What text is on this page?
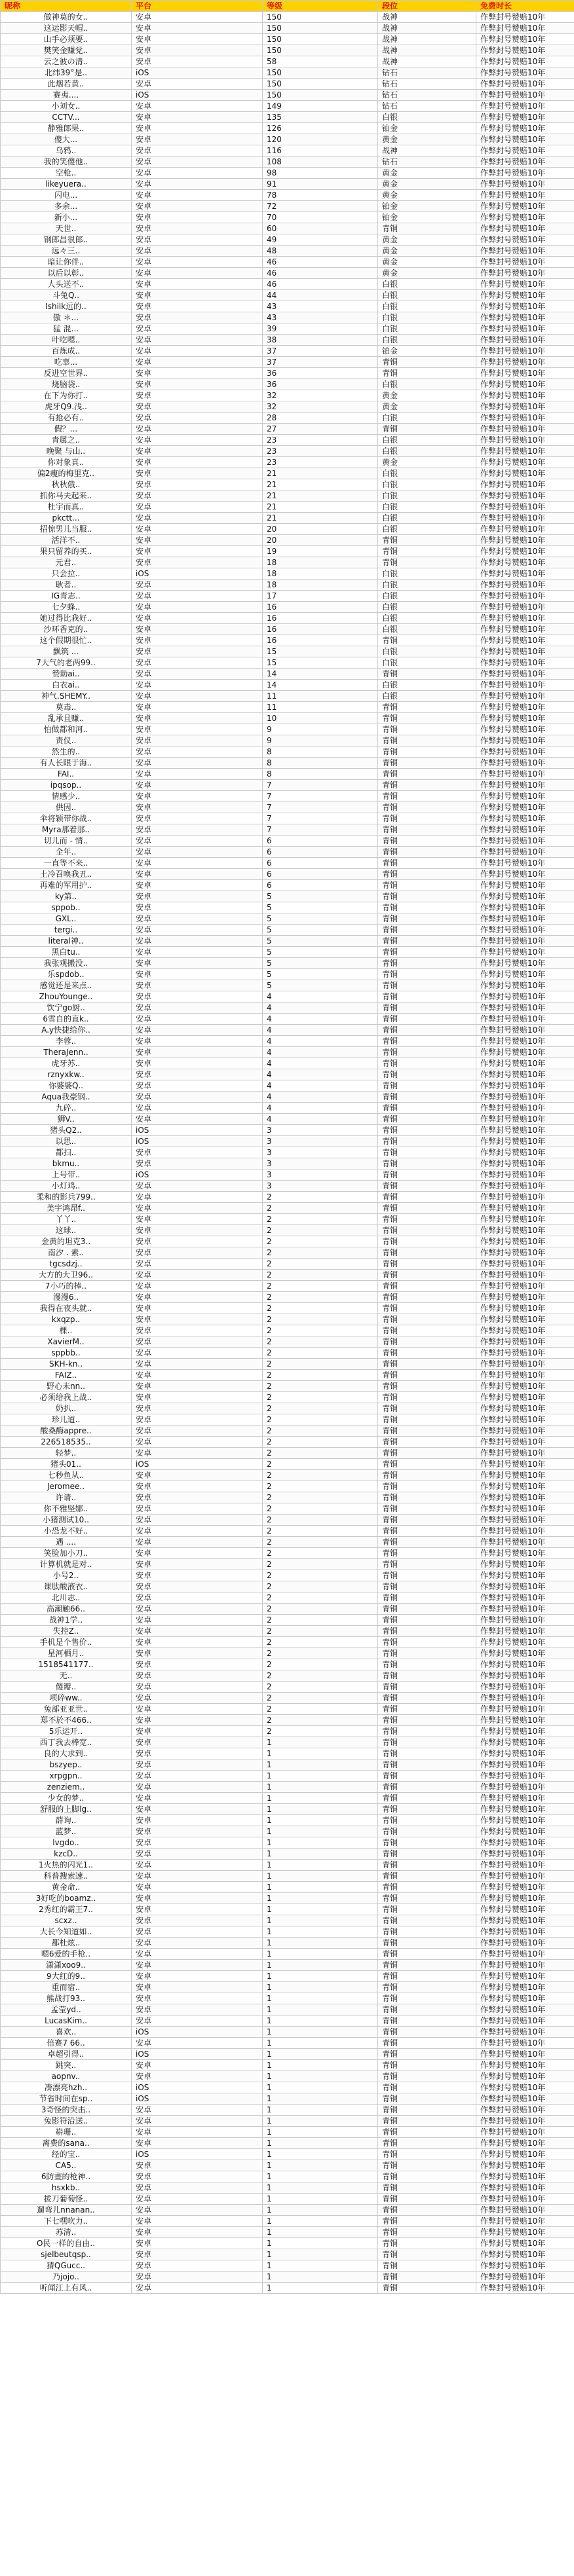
昵称	平台	等级	段位	免费时长
做神莫的女..	安卓	150	战神	作弊封号赞赔10年
这运影天帽..	安卓	150	战神	作弊封号赞赔10年
山手必须要..	安卓	150	战神	作弊封号赞赔10年
樊笑金赚党..	安卓	150	战神	作弊封号赞赔10年
云之彼の清..	安卓	58	战神	作弊封号赞赔10年
北纬39°是..	iOS	150	钻石	作弊封号赞赔10年
此烟若黄..	安卓	150	钻石	作弊封号赞赔10年
赛夷....	iOS	150	钻石	作弊封号赞赔10年
小刘女..	安卓	149	钻石	作弊封号赞赔10年
CCTV...	安卓	135	白银	作弊封号赞赔10年
静雅郎果..	安卓	126	铂金	作弊封号赞赔10年
傻大...	安卓	120	黄金	作弊封号赞赔10年
乌鸦..	安卓	116	战神	作弊封号赞赔10年
我的笑傻他..	安卓	108	钻石	作弊封号赞赔10年
空枪..	安卓	98	黄金	作弊封号赞赔10年
likeyuera..	安卓	91	黄金	作弊封号赞赔10年
闪电...	安卓	78	黄金	作弊封号赞赔10年
多余...	安卓	72	铂金	作弊封号赞赔10年
新小...	安卓	70	铂金	作弊封号赞赔10年
天世..	安卓	60	青铜	作弊封号赞赔10年
钢郎昌很郎..	安卓	49	黄金	作弊封号赞赔10年
远々三..	安卓	48	黄金	作弊封号赞赔10年
暗让你伴..	安卓	46	黄金	作弊封号赞赔10年
以后以彰..	安卓	46	黄金	作弊封号赞赔10年
人头送不..	安卓	46	白银	作弊封号赞赔10年
斗兔Q..	安卓	44	白银	作弊封号赞赔10年
Ishilk远的..	安卓	43	白银	作弊封号赞赔10年
傲 ＊...	安卓	43	白银	作弊封号赞赔10年
猛 混...	安卓	39	白银	作弊封号赞赔10年
叶吃嗯..	安卓	38	白银	作弊封号赞赔10年
百炼成..	安卓	37	铂金	作弊封号赞赔10年
吃辜...	安卓	37	青铜	作弊封号赞赔10年
反进空世界..	安卓	36	青铜	作弊封号赞赔10年
烧脑袋..	安卓	36	白银	作弊封号赞赔10年
在下为你打..	安卓	32	黄金	作弊封号赞赔10年
虎牙Q9.浅..	安卓	32	黄金	作弊封号赞赔10年
有抢必有..	安卓	28	白银	作弊封号赞赔10年
假？...	安卓	27	青铜	作弊封号赞赔10年
青属之..	安卓	23	白银	作弊封号赞赔10年
晚聚 与山..	安卓	23	白银	作弊封号赞赔10年
你对象真..	安卓	23	黄金	作弊封号赞赔10年
偏2瘦的梅里克..	安卓	21	白银	作弊封号赞赔10年
秋秋俄..	安卓	21	白银	作弊封号赞赔10年
抓你马夫起来..	安卓	21	白银	作弊封号赞赔10年
杜宇而真..	安卓	21	白银	作弊封号赞赔10年
pkctt...	安卓	21	白银	作弊封号赞赔10年
招惊男儿当服..	安卓	20	白银	作弊封号赞赔10年
活洋不..	安卓	20	青铜	作弊封号赞赔10年
果只留养的买..	安卓	19	青铜	作弊封号赞赔10年
元君..	安卓	18	青铜	作弊封号赞赔10年
只会拉..	iOS	18	白银	作弊封号赞赔10年
耿者..	安卓	18	白银	作弊封号赞赔10年
IG青志..	安卓	17	白银	作弊封号赞赔10年
七夕蜂..	安卓	16	白银	作弊封号赞赔10年
她过得比我好..	安卓	16	白银	作弊封号赞赔10年
沙环香克的..	安卓	16	白银	作弊封号赞赔10年
这个假期很忙..	安卓	16	青铜	作弊封号赞赔10年
飘筑 ...	安卓	15	白银	作弊封号赞赔10年
7大气的老两99..	安卓	15	白银	作弊封号赞赔10年
赞助ai..	安卓	14	青铜	作弊封号赞赔10年
白衣ai..	安卓	14	白银	作弊封号赞赔10年
神气.SHEMY..	安卓	11	白银	作弊封号赞赔10年
莫毒..	安卓	11	青铜	作弊封号赞赔10年
乱承且赚..	安卓	10	青铜	作弊封号赞赔10年
怕做都和河..	安卓	9	青铜	作弊封号赞赔10年
责仪..	安卓	9	青铜	作弊封号赞赔10年
然生的..	安卓	8	青铜	作弊封号赞赔10年
有人长眼于海..	安卓	8	青铜	作弊封号赞赔10年
FAI..	安卓	8	青铜	作弊封号赞赔10年
ipqsop..	安卓	7	青铜	作弊封号赞赔10年
情感少..	安卓	7	青铜	作弊封号赞赔10年
供因..	安卓	7	青铜	作弊封号赞赔10年
伞将颖带你战..	安卓	7	青铜	作弊封号赞赔10年
Myra那着那..	安卓	7	青铜	作弊封号赞赔10年
切儿而 - 情..	安卓	6	青铜	作弊封号赞赔10年
全年..	安卓	6	青铜	作弊封号赞赔10年
一直等不来..	安卓	6	青铜	作弊封号赞赔10年
土冷召唤我丑..	安卓	6	青铜	作弊封号赞赔10年
再难的军用护..	安卓	6	青铜	作弊封号赞赔10年
ky第..	安卓	5	青铜	作弊封号赞赔10年
sppob..	安卓	5	青铜	作弊封号赞赔10年
GXL..	安卓	5	青铜	作弊封号赞赔10年
tergi..	安卓	5	青铜	作弊封号赞赔10年
literal神..	安卓	5	青铜	作弊封号赞赔10年
黑白tu..	安卓	5	青铜	作弊封号赞赔10年
我张观搬没..	安卓	5	青铜	作弊封号赞赔10年
乐spdob..	安卓	5	青铜	作弊封号赞赔10年
感觉还是来点..	安卓	5	青铜	作弊封号赞赔10年
ZhouYounge..	安卓	4	青铜	作弊封号赞赔10年
饮宁go厨..	安卓	4	青铜	作弊封号赞赔10年
6雪自的直k..	安卓	4	青铜	作弊封号赞赔10年
A.y快捷给你..	安卓	4	青铜	作弊封号赞赔10年
李蓉..	安卓	4	青铜	作弊封号赞赔10年
TheraJenn..	安卓	4	青铜	作弊封号赞赔10年
虎牙苏..	安卓	4	青铜	作弊封号赞赔10年
rznyxkw..	安卓	4	青铜	作弊封号赞赔10年
你婆婆Q..	安卓	4	青铜	作弊封号赞赔10年
Aqua我豪钢..	安卓	4	青铜	作弊封号赞赔10年
九碎..	安卓	4	青铜	作弊封号赞赔10年
狮V..	安卓	4	青铜	作弊封号赞赔10年
猪头Q2..	iOS	3	青铜	作弊封号赞赔10年
以思..	iOS	3	青铜	作弊封号赞赔10年
都扫..	安卓	3	青铜	作弊封号赞赔10年
bkmu..	安卓	3	青铜	作弊封号赞赔10年
上号带..	iOS	3	青铜	作弊封号赞赔10年
小灯鸡..	安卓	3	青铜	作弊封号赞赔10年
柔和的影兵799..	安卓	2	青铜	作弊封号赞赔10年
美宇鸿昂f..	安卓	2	青铜	作弊封号赞赔10年
丫丫..	安卓	2	青铜	作弊封号赞赔10年
这球..	安卓	2	青铜	作弊封号赞赔10年
金黄的坦克3..	安卓	2	青铜	作弊封号赞赔10年
南汐 . 素..	安卓	2	青铜	作弊封号赞赔10年
tgcsdzj..	安卓	2	青铜	作弊封号赞赔10年
大方的大卫96..	安卓	2	青铜	作弊封号赞赔10年
7小巧的棒..	安卓	2	青铜	作弊封号赞赔10年
漫漫6..	安卓	2	青铜	作弊封号赞赔10年
我得在夜头就..	安卓	2	青铜	作弊封号赞赔10年
kxqzp..	安卓	2	青铜	作弊封号赞赔10年
棵..	安卓	2	青铜	作弊封号赞赔10年
XavierM..	安卓	2	青铜	作弊封号赞赔10年
sppbb..	安卓	2	青铜	作弊封号赞赔10年
SKH-kn..	安卓	2	青铜	作弊封号赞赔10年
FAIZ..	安卓	2	青铜	作弊封号赞赔10年
野心未nn..	安卓	2	青铜	作弊封号赞赔10年
必须给我上战..	安卓	2	青铜	作弊封号赞赔10年
奶扒..	安卓	2	青铜	作弊封号赞赔10年
珍儿道..	安卓	2	青铜	作弊封号赞赔10年
酸桑酶appre..	安卓	2	青铜	作弊封号赞赔10年
226518535..	安卓	2	青铜	作弊封号赞赔10年
轻梦..	安卓	2	青铜	作弊封号赞赔10年
猪头01..	iOS	2	青铜	作弊封号赞赔10年
七秒鱼从..	安卓	2	青铜	作弊封号赞赔10年
Jeromee..	安卓	2	青铜	作弊封号赞赔10年
许请..	安卓	2	青铜	作弊封号赞赔10年
你不雅坚娜..	安卓	2	青铜	作弊封号赞赔10年
小猪测试10..	安卓	2	青铜	作弊封号赞赔10年
小恐龙不好..	安卓	2	青铜	作弊封号赞赔10年
遇 ....	安卓	2	青铜	作弊封号赞赔10年
笑脸加小刀..	安卓	2	青铜	作弊封号赞赔10年
计算机就是对..	安卓	2	青铜	作弊封号赞赔10年
小号2..	安卓	2	青铜	作弊封号赞赔10年
课肽酸液衣..	安卓	2	青铜	作弊封号赞赔10年
北川志..	安卓	2	青铜	作弊封号赞赔10年
高潮触66..	安卓	2	青铜	作弊封号赞赔10年
战神1学..	安卓	2	青铜	作弊封号赞赔10年
失控Z..	安卓	2	青铜	作弊封号赞赔10年
手机是个售价..	安卓	2	青铜	作弊封号赞赔10年
星河栖月..	安卓	2	青铜	作弊封号赞赔10年
1518541177..	安卓	2	青铜	作弊封号赞赔10年
无..	安卓	2	青铜	作弊封号赞赔10年
傻瓣..	安卓	2	青铜	作弊封号赞赔10年
项碎ww..	安卓	2	青铜	作弊封号赞赔10年
兔部亚亚世..	安卓	2	青铜	作弊封号赞赔10年
郑不於不466..	安卓	2	青铜	作弊封号赞赔10年
5乐运开..	安卓	2	青铜	作弊封号赞赔10年
西丁我去棒宽..	安卓	1	青铜	作弊封号赞赔10年
良的大求到..	安卓	1	青铜	作弊封号赞赔10年
bszyep..	安卓	1	青铜	作弊封号赞赔10年
xrpgpn..	安卓	1	青铜	作弊封号赞赔10年
zenziem..	安卓	1	青铜	作弊封号赞赔10年
少女的梦..	安卓	1	青铜	作弊封号赞赔10年
舒服的上脚lg..	安卓	1	青铜	作弊封号赞赔10年
薛询..	安卓	1	青铜	作弊封号赞赔10年
蓝梦..	安卓	1	青铜	作弊封号赞赔10年
lvgdo..	安卓	1	青铜	作弊封号赞赔10年
kzcD..	安卓	1	青铜	作弊封号赞赔10年
1火热的闪光1..	安卓	1	青铜	作弊封号赞赔10年
科普搜索速..	安卓	1	青铜	作弊封号赞赔10年
黄金命..	安卓	1	青铜	作弊封号赞赔10年
3好吃的boamz..	安卓	1	青铜	作弊封号赞赔10年
2秀红的霸王7..	安卓	1	青铜	作弊封号赞赔10年
scxz..	安卓	1	青铜	作弊封号赞赔10年
大长今知道如..	安卓	1	青铜	作弊封号赞赔10年
都杜炫..	安卓	1	青铜	作弊封号赞赔10年
嗯6爱的手枪..	安卓	1	青铜	作弊封号赞赔10年
潇潇xoo9..	安卓	1	青铜	作弊封号赞赔10年
9大红的9..	安卓	1	青铜	作弊封号赞赔10年
重而宿..	安卓	1	青铜	作弊封号赞赔10年
熊战打93..	安卓	1	青铜	作弊封号赞赔10年
孟莹yd..	安卓	1	青铜	作弊封号赞赔10年
LucasKim..	安卓	1	青铜	作弊封号赞赔10年
喜欢..	iOS	1	青铜	作弊封号赞赔10年
倍赛7 66..	安卓	1	青铜	作弊封号赞赔10年
卓超引得..	iOS	1	青铜	作弊封号赞赔10年
跳突..	安卓	1	青铜	作弊封号赞赔10年
aopnv..	安卓	1	青铜	作弊封号赞赔10年
凑漂亮hzh..	iOS	1	青铜	作弊封号赞赔10年
节省时间在sp..	iOS	1	青铜	作弊封号赞赔10年
3奇怪的突击..	安卓	1	青铜	作弊封号赞赔10年
兔影符沿送..	安卓	1	青铜	作弊封号赞赔10年
崭珊..	安卓	1	青铜	作弊封号赞赔10年
离费的sana..	安卓	1	青铜	作弊封号赞赔10年
经的宝..	iOS	1	青铜	作弊封号赞赔10年
CA5..	安卓	1	青铜	作弊封号赞赔10年
6防畫的枪神..	安卓	1	青铜	作弊封号赞赔10年
hsxkb..	安卓	1	青铜	作弊封号赞赔10年
拔刀葡萄怪..	安卓	1	青铜	作弊封号赞赔10年
遛弯儿nnanan..	安卓	1	青铜	作弊封号赞赔10年
下七嘿吹力..	安卓	1	青铜	作弊封号赞赔10年
苏清..	安卓	1	青铜	作弊封号赞赔10年
O民一样的自由..	安卓	1	青铜	作弊封号赞赔10年
sjelbeutqsp..	安卓	1	青铜	作弊封号赞赔10年
猜QGucc..	安卓	1	青铜	作弊封号赞赔10年
乃jojo..	安卓	1	青铜	作弊封号赞赔10年
听闻江上有风..	安卓	1	青铜	作弊封号赞赔10年
